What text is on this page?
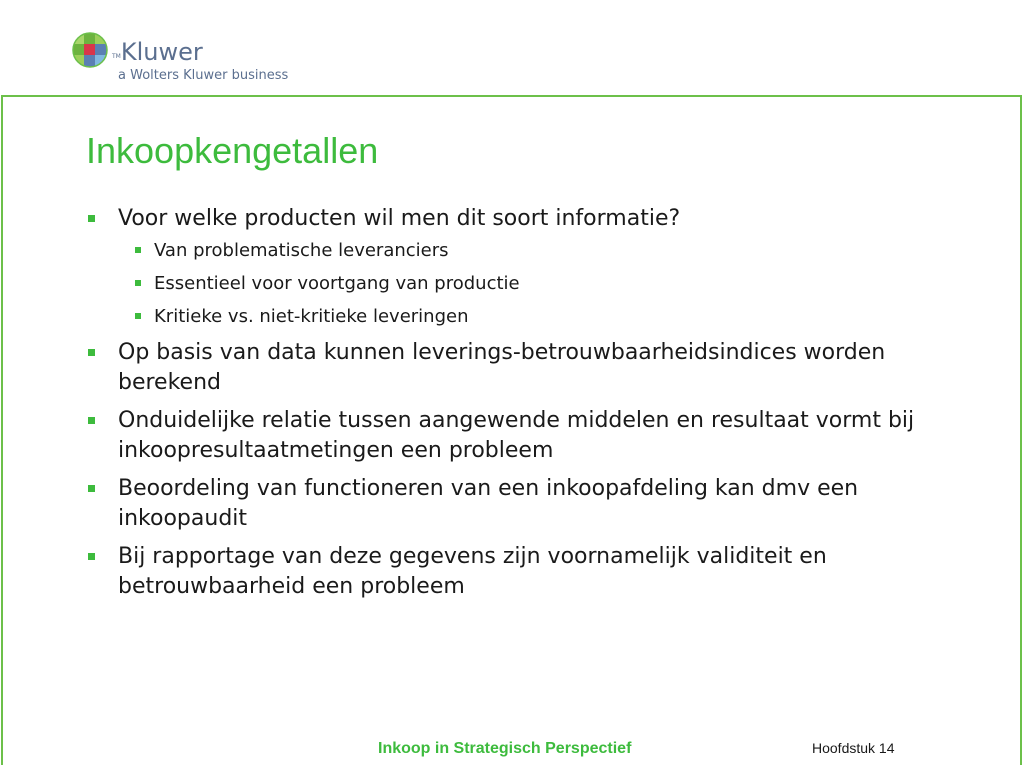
TMKluwer
a Wolters Kluwer business
Inkoopkengetallen
Voor welke producten wil men dit soort informatie?
Van problematische leveranciers
Essentieel voor voortgang van productie
Kritieke vs. niet-kritieke leveringen
Op basis van data kunnen leverings-betrouwbaarheidsindices worden berekend
Onduidelijke relatie tussen aangewende middelen en resultaat vormt bij inkoopresultaatmetingen een probleem
Beoordeling van functioneren van een inkoopafdeling kan dmv een inkoopaudit
Bij rapportage van deze gegevens zijn voornamelijk validiteit en betrouwbaarheid een probleem
Inkoop in Strategisch Perspectief	Hoofdstuk 14
